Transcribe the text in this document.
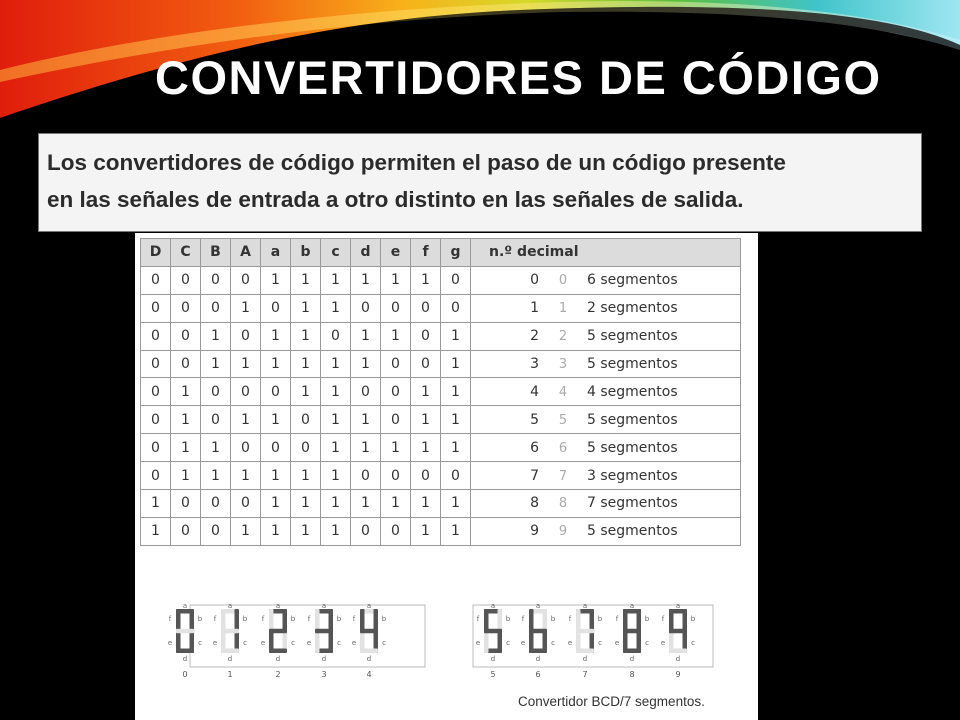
CONVERTIDORES DE CÓDIGO

Los convertidores de código permiten el paso de un código presente
en las señales de entrada a otro distinto en las señales de salida.

D	C	B	A	a	b	c	d	e	f	g	n.º decimal
0	0	0	0	1	1	1	1	1	1	0	0 0 6 segmentos
0	0	0	1	0	1	1	0	0	0	0	1 1 2 segmentos
0	0	1	0	1	1	0	1	1	0	1	2 2 5 segmentos
0	0	1	1	1	1	1	1	0	0	1	3 3 5 segmentos
0	1	0	0	0	1	1	0	0	1	1	4 4 4 segmentos
0	1	0	1	1	0	1	1	0	1	1	5 5 5 segmentos
0	1	1	0	0	0	1	1	1	1	1	6 6 5 segmentos
0	1	1	1	1	1	1	0	0	0	0	7 7 3 segmentos
1	0	0	0	1	1	1	1	1	1	1	8 8 7 segmentos
1	0	0	1	1	1	1	0	0	1	1	9 9 5 segmentos
a
b
c
d
e
f
0
a
b
c
d
e
f
1
a
b
c
d
e
f
2
a
b
c
d
e
f
3
a
b
c
d
e
f
4
a
b
c
d
e
f
5
a
b
c
d
e
f
6
a
b
c
d
e
f
7
a
b
c
d
e
f
8
a
b
c
d
e
f
9
Convertidor BCD/7 segmentos.
